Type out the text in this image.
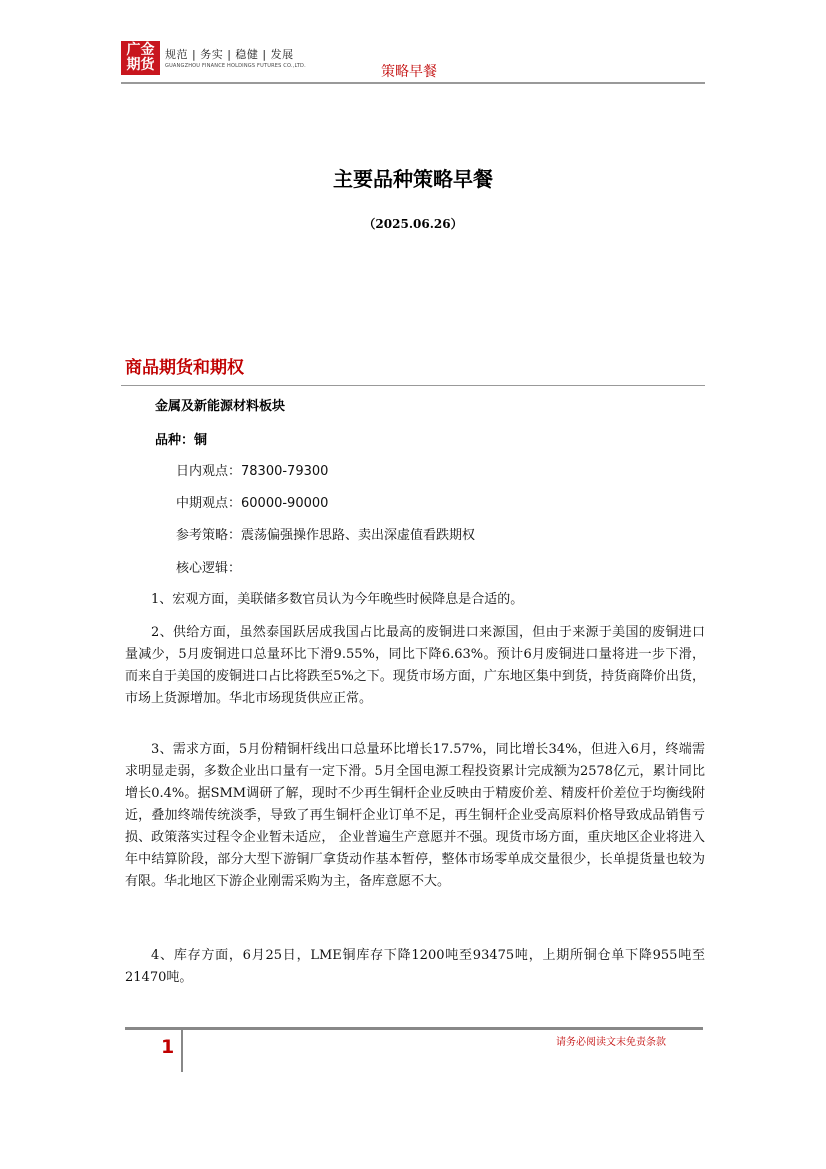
广金
期货
规范 | 务实 | 稳健 | 发展
GUANGZHOU FINANCE HOLDINGS FUTURES CO.,LTD.	策略早餐
主要品种策略早餐
（2025.06.26）
商品期货和期权
金属及新能源材料板块
品种：铜
日内观点：78300-79300
中期观点：60000-90000
参考策略：震荡偏强操作思路、卖出深虚值看跌期权
核心逻辑：

1、宏观方面，美联储多数官员认为今年晚些时候降息是合适的。

2、供给方面，虽然泰国跃居成我国占比最高的废铜进口来源国，但由于来源于美国的废铜进口量减少，5月废铜进口总量环比下滑9.55%，同比下降6.63%。预计6月废铜进口量将进一步下滑，而来自于美国的废铜进口占比将跌至5%之下。现货市场方面，广东地区集中到货，持货商降价出货，市场上货源增加。华北市场现货供应正常。

3、需求方面，5月份精铜杆线出口总量环比增长17.57%，同比增长34%，但进入6月，终端需求明显走弱，多数企业出口量有一定下滑。5月全国电源工程投资累计完成额为2578亿元，累计同比增长0.4%。据SMM调研了解，现时不少再生铜杆企业反映由于精废价差、精废杆价差位于均衡线附近，叠加终端传统淡季，导致了再生铜杆企业订单不足，再生铜杆企业受高原料价格导致成品销售亏损、政策落实过程令企业暂未适应， 企业普遍生产意愿并不强。现货市场方面，重庆地区企业将进入年中结算阶段，部分大型下游铜厂拿货动作基本暂停，整体市场零单成交量很少，长单提货量也较为有限。华北地区下游企业刚需采购为主，备库意愿不大。

4、库存方面，6月25日，LME铜库存下降1200吨至93475吨，上期所铜仓单下降955吨至21470吨。

1	请务必阅读文末免责条款
